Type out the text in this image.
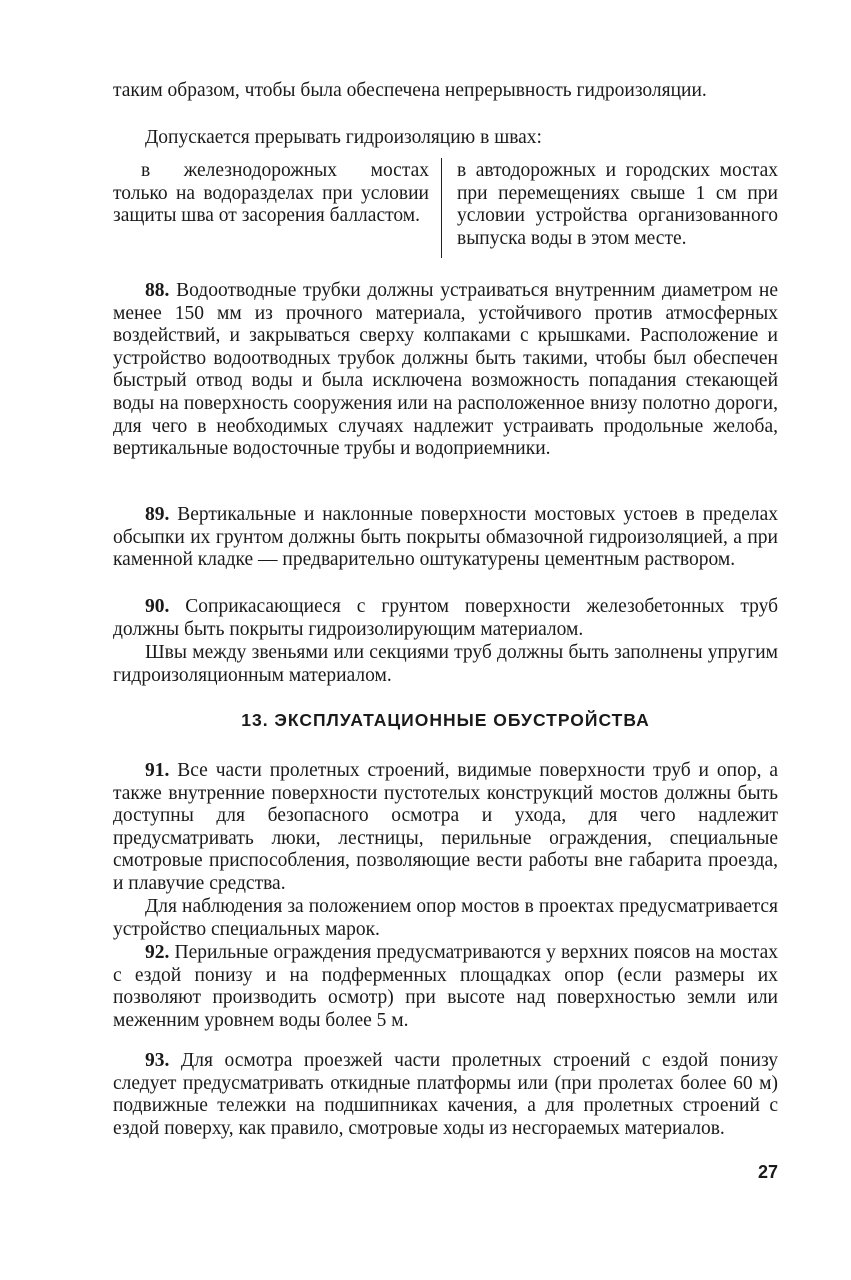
таким образом, чтобы была обеспечена непрерывность гидроизоляции.

Допускается прерывать гидроизоляцию в швах:

в железнодорожных мостах только на водоразделах при условии защиты шва от засорения балластом.

в автодорожных и городских мостах при перемещениях свыше 1 см при условии устройства организованного выпуска воды в этом месте.

88. Водоотводные трубки должны устраиваться внутренним диаметром не менее 150 мм из прочного материала, устойчивого против атмосферных воздействий, и закрываться сверху колпаками с крышками. Расположение и устройство водоотводных трубок должны быть такими, чтобы был обеспечен быстрый отвод воды и была исключена возможность попадания стекающей воды на поверхность сооружения или на расположенное внизу полотно дороги, для чего в необходимых случаях надлежит устраивать продольные желоба, вертикальные водосточные трубы и водоприемники.

89. Вертикальные и наклонные поверхности мостовых устоев в пределах обсыпки их грунтом должны быть покрыты обмазочной гидроизоляцией, а при каменной кладке — предварительно оштукатурены цементным раствором.

90. Соприкасающиеся с грунтом поверхности железобетонных труб должны быть покрыты гидроизолирующим материалом.

Швы между звеньями или секциями труб должны быть заполнены упругим гидроизоляционным материалом.

13. ЭКСПЛУАТАЦИОННЫЕ ОБУСТРОЙСТВА

91. Все части пролетных строений, видимые поверхности труб и опор, а также внутренние поверхности пустотелых конструкций мостов должны быть доступны для безопасного осмотра и ухода, для чего надлежит предусматривать люки, лестницы, перильные ограждения, специальные смотровые приспособления, позволяющие вести работы вне габарита проезда, и плавучие средства.

Для наблюдения за положением опор мостов в проектах предусматривается устройство специальных марок.

92. Перильные ограждения предусматриваются у верхних поясов на мостах с ездой понизу и на подферменных площадках опор (если размеры их позволяют производить осмотр) при высоте над поверхностью земли или меженним уровнем воды более 5 м.

93. Для осмотра проезжей части пролетных строений с ездой понизу следует предусматривать откидные платформы или (при пролетах более 60 м) подвижные тележки на подшипниках качения, а для пролетных строений с ездой поверху, как правило, смотровые ходы из несгораемых материалов.

27
